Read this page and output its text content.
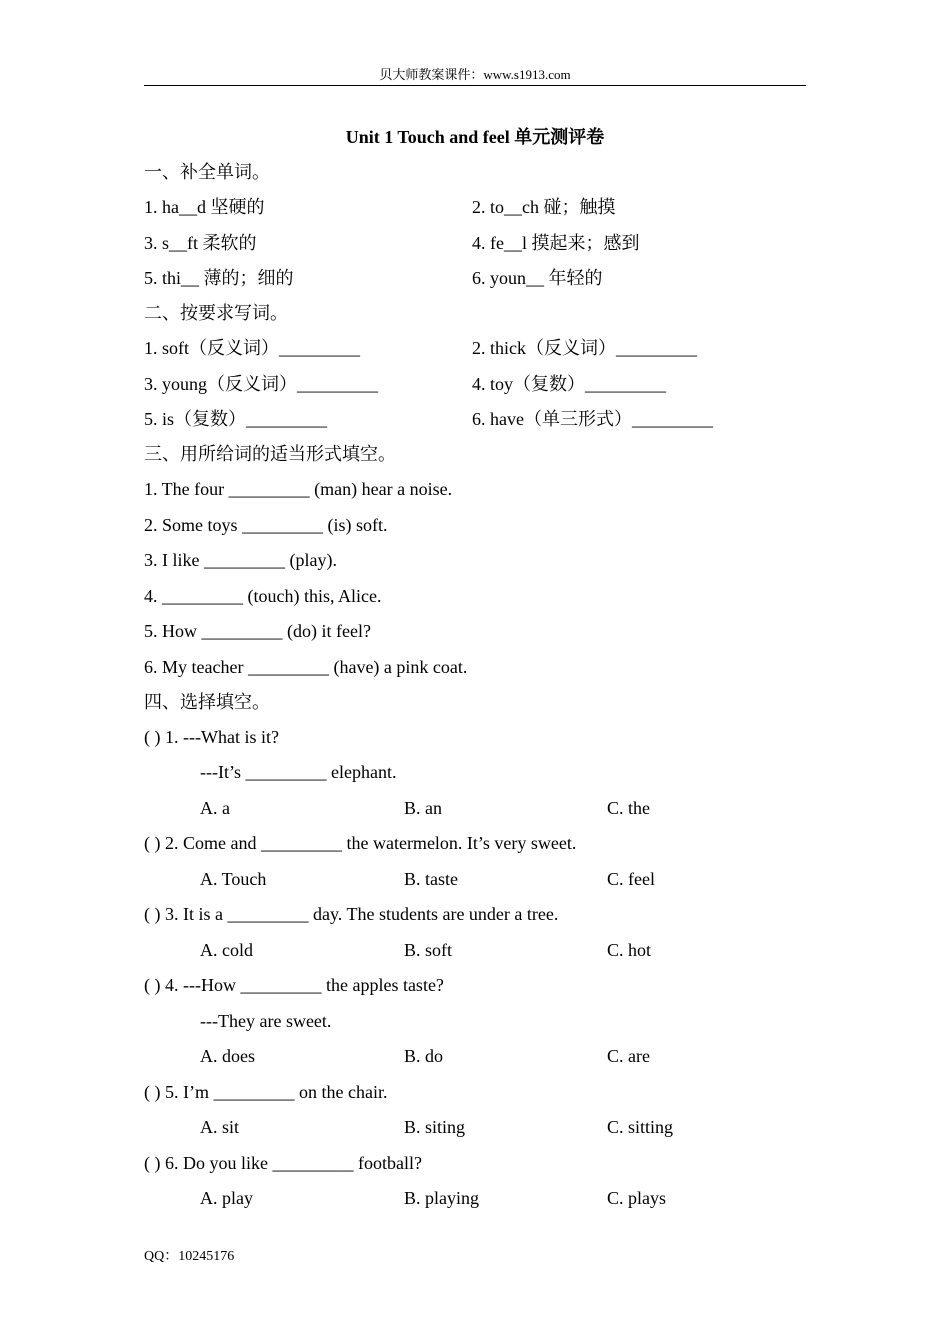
贝大师教案课件：www.s1913.com
Unit 1 Touch and feel 单元测评卷
一、补全单词。
1. ha__d 坚硬的	2. to__ch 碰；触摸
3. s__ft 柔软的	4. fe__l 摸起来；感到
5. thi__ 薄的；细的	6. youn__ 年轻的
二、按要求写词。
1. soft（反义词）_________	2. thick（反义词）_________
3. young（反义词）_________	4. toy（复数）_________
5. is（复数）_________	6. have（单三形式）_________
三、用所给词的适当形式填空。
1. The four _________ (man) hear a noise.
2. Some toys _________ (is) soft.
3. I like _________ (play).
4. _________ (touch) this, Alice.
5. How _________ (do) it feel?
6. My teacher _________ (have) a pink coat.
四、选择填空。
( ) 1. ---What is it?
---It’s _________ elephant.
A. a	B. an	C. the
( ) 2. Come and _________ the watermelon. It’s very sweet.
A. Touch	B. taste	C. feel
( ) 3. It is a _________ day. The students are under a tree.
A. cold	B. soft	C. hot
( ) 4. ---How _________ the apples taste?
---They are sweet.
A. does	B. do	C. are
( ) 5. I’m _________ on the chair.
A. sit	B. siting	C. sitting
( ) 6. Do you like _________ football?
A. play	B. playing	C. plays
QQ：10245176
